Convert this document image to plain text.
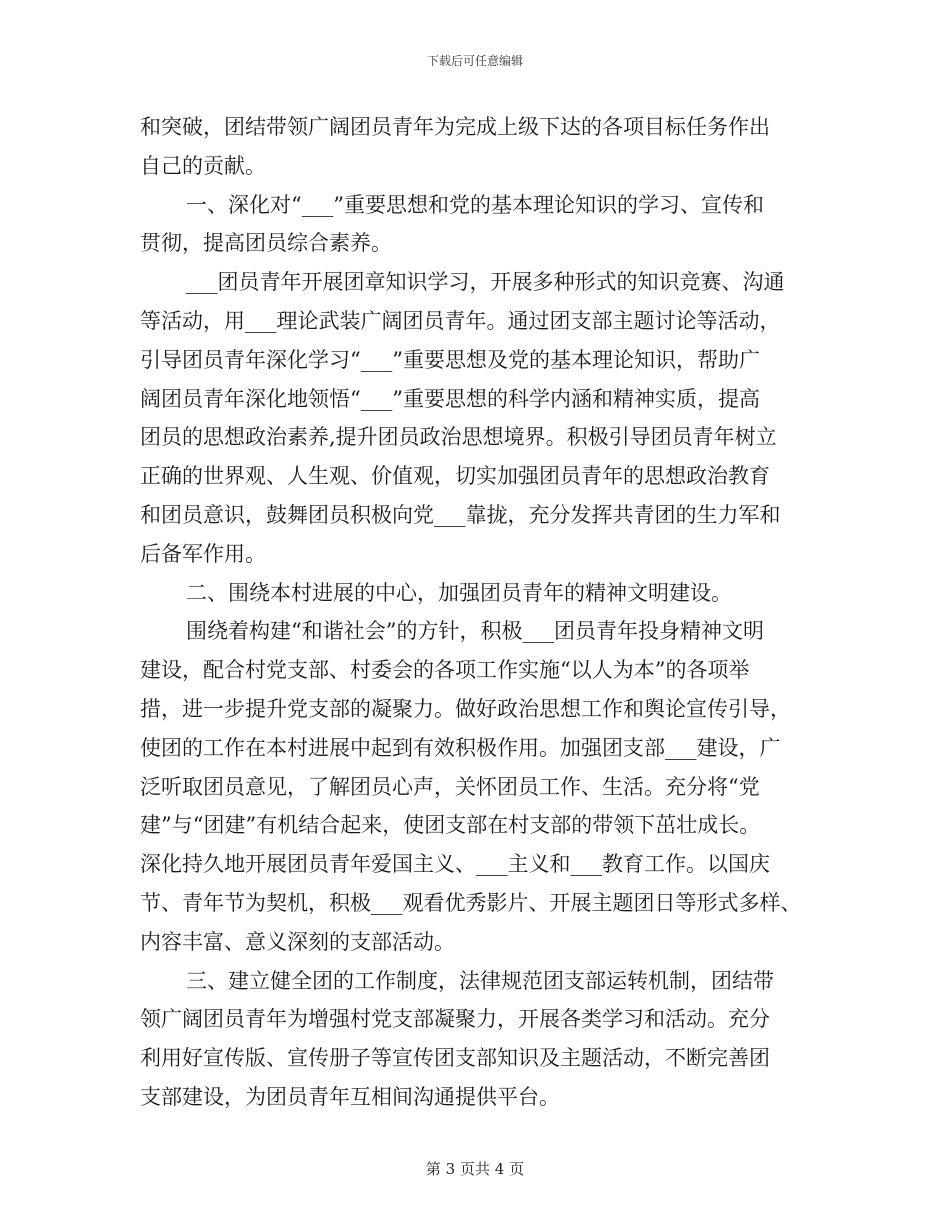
下载后可任意编辑
和突破，团结带领广阔团员青年为完成上级下达的各项目标任务作出
自己的贡献。
一、深化对“___”重要思想和党的基本理论知识的学习、宣传和
贯彻，提高团员综合素养。
___团员青年开展团章知识学习，开展多种形式的知识竞赛、沟通
等活动，用___理论武装广阔团员青年。通过团支部主题讨论等活动，
引导团员青年深化学习“___”重要思想及党的基本理论知识，帮助广
阔团员青年深化地领悟“___”重要思想的科学内涵和精神实质，提高
团员的思想政治素养,提升团员政治思想境界。积极引导团员青年树立
正确的世界观、人生观、价值观，切实加强团员青年的思想政治教育
和团员意识，鼓舞团员积极向党___靠拢，充分发挥共青团的生力军和
后备军作用。
二、围绕本村进展的中心，加强团员青年的精神文明建设。
围绕着构建“和谐社会”的方针，积极___团员青年投身精神文明
建设，配合村党支部、村委会的各项工作实施“以人为本”的各项举
措，进一步提升党支部的凝聚力。做好政治思想工作和舆论宣传引导，
使团的工作在本村进展中起到有效积极作用。加强团支部___建设，广
泛听取团员意见，了解团员心声，关怀团员工作、生活。充分将“党
建”与“团建”有机结合起来，使团支部在村支部的带领下茁壮成长。
深化持久地开展团员青年爱国主义、___主义和___教育工作。以国庆
节、青年节为契机，积极___观看优秀影片、开展主题团日等形式多样、
内容丰富、意义深刻的支部活动。
三、建立健全团的工作制度，法律规范团支部运转机制，团结带
领广阔团员青年为增强村党支部凝聚力，开展各类学习和活动。充分
利用好宣传版、宣传册子等宣传团支部知识及主题活动，不断完善团
支部建设，为团员青年互相间沟通提供平台。
第 3 页共 4 页
